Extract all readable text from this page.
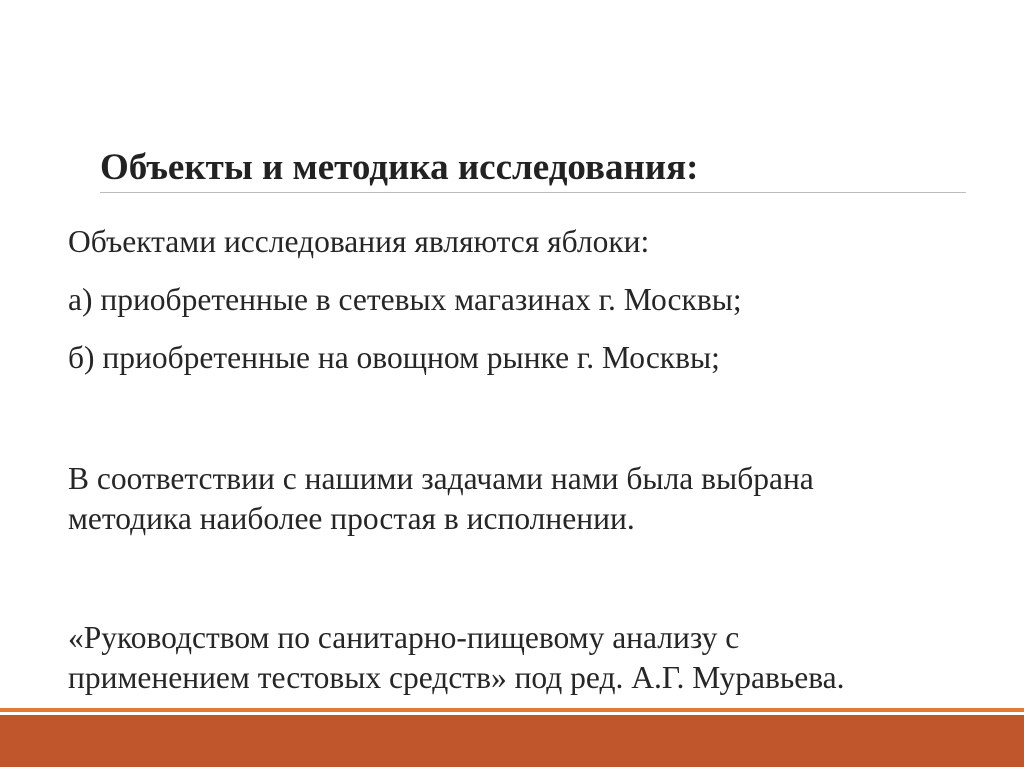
Объекты и методика исследования:
Объектами исследования являются яблоки:
а) приобретенные в сетевых магазинах г. Москвы;
б) приобретенные на овощном рынке г. Москвы;
В соответствии с нашими задачами нами была выбрана
методика наиболее простая в исполнении.
«Руководством по санитарно-пищевому анализу с
применением тестовых средств» под ред. А.Г. Муравьева.
